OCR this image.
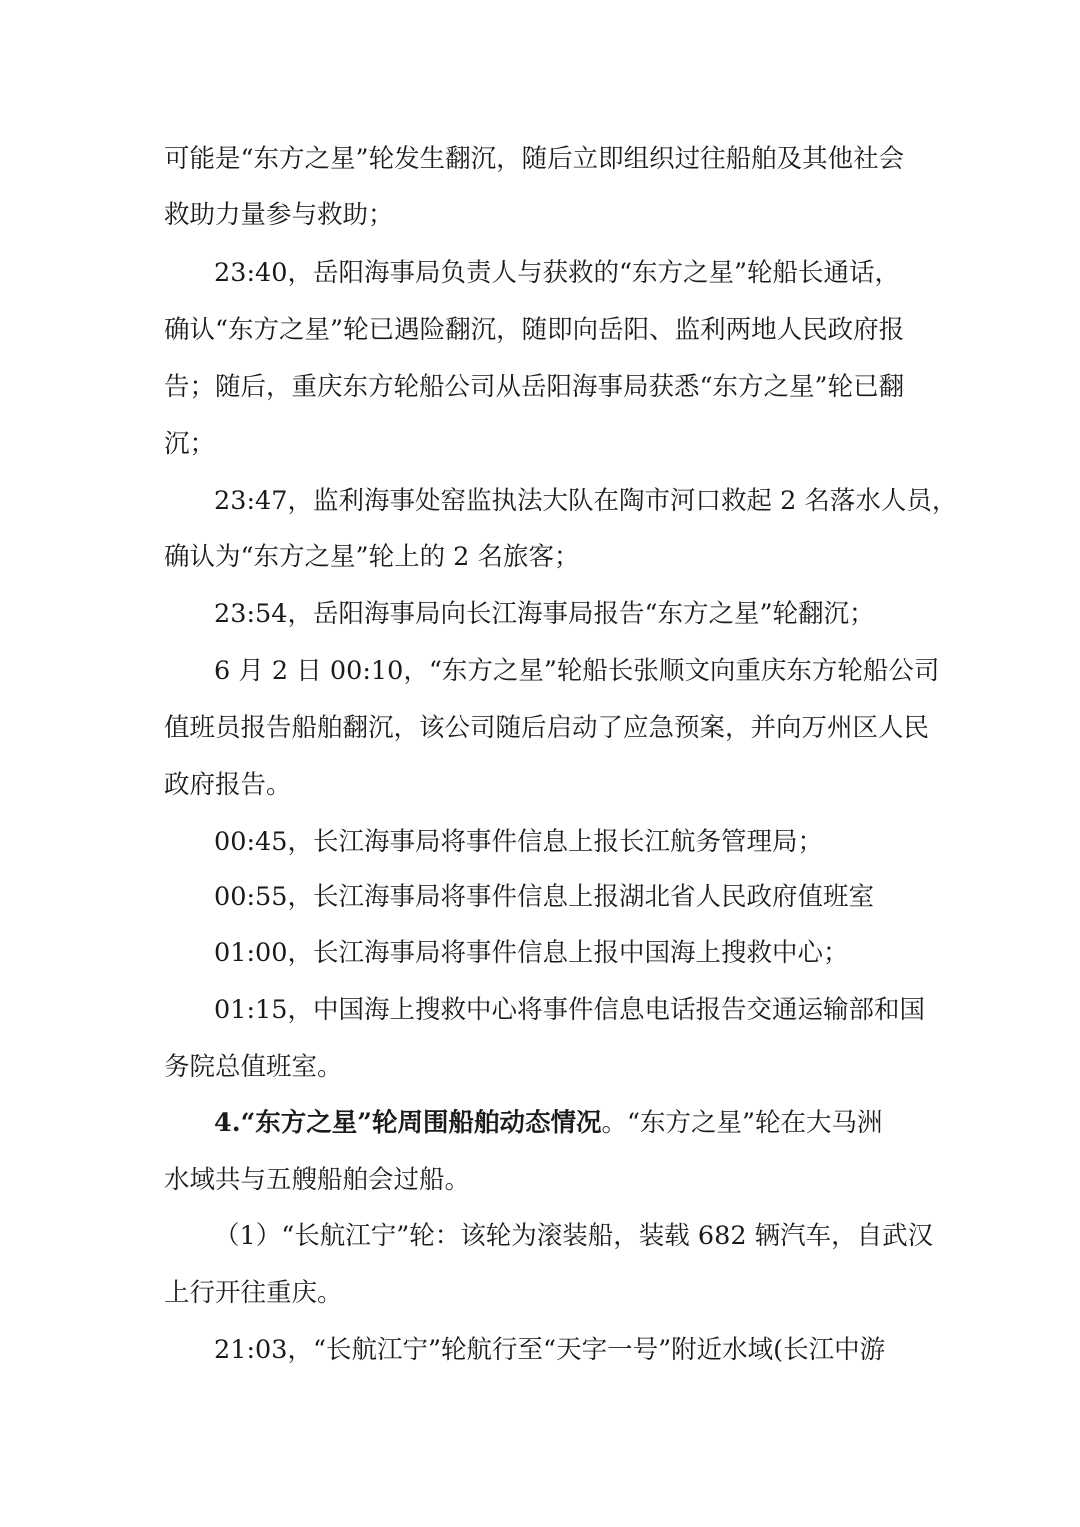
可能是“东方之星”轮发生翻沉，随后立即组织过往船舶及其他社会
救助力量参与救助；
23:40，岳阳海事局负责人与获救的“东方之星”轮船长通话，
确认“东方之星”轮已遇险翻沉，随即向岳阳、监利两地人民政府报
告；随后，重庆东方轮船公司从岳阳海事局获悉“东方之星”轮已翻
沉；
23:47，监利海事处窑监执法大队在陶市河口救起 2 名落水人员，
确认为“东方之星”轮上的 2 名旅客；
23:54，岳阳海事局向长江海事局报告“东方之星”轮翻沉；
6 月 2 日 00:10，“东方之星”轮船长张顺文向重庆东方轮船公司
值班员报告船舶翻沉，该公司随后启动了应急预案，并向万州区人民
政府报告。
00:45，长江海事局将事件信息上报长江航务管理局；
00:55，长江海事局将事件信息上报湖北省人民政府值班室
01:00，长江海事局将事件信息上报中国海上搜救中心；
01:15，中国海上搜救中心将事件信息电话报告交通运输部和国
务院总值班室。
4.“东方之星”轮周围船舶动态情况。“东方之星”轮在大马洲
水域共与五艘船舶会过船。
（1）“长航江宁”轮：该轮为滚装船，装载 682 辆汽车，自武汉
上行开往重庆。
21:03，“长航江宁”轮航行至“天字一号”附近水域(长江中游
